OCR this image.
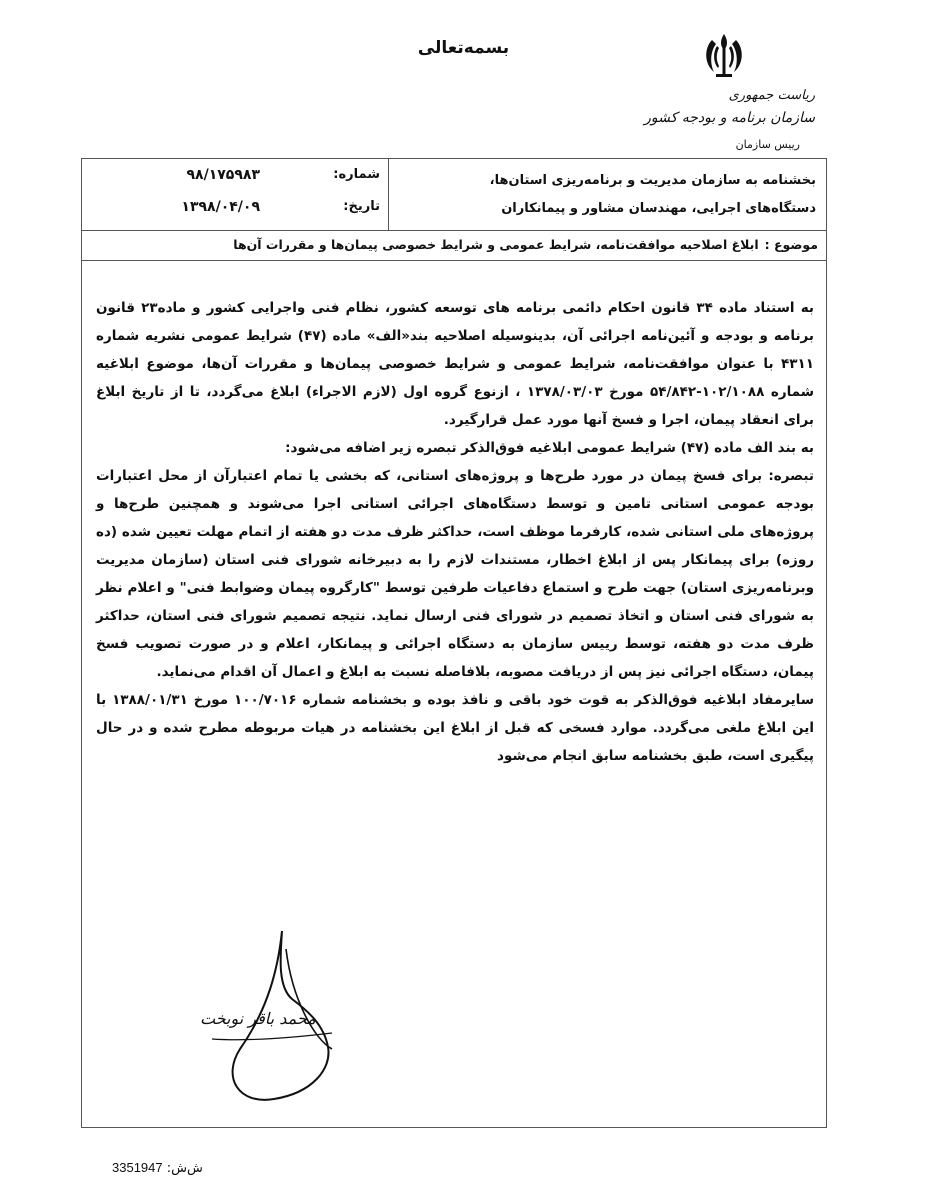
بسمه‌تعالی
ریاست جمهوری
سازمان برنامه و بودجه کشور
رییس سازمان
بخشنامه به سازمان مدیریت و برنامه‌ریزی استان‌ها،
دستگاه‌های اجرایی، مهندسان مشاور و پیمانکاران
شماره:
۹۸/۱۷۵۹۸۳
تاریخ:
۱۳۹۸/۰۴/۰۹
موضوع :ابلاغ اصلاحیه موافقت‌نامه، شرایط عمومی و شرایط خصوصی پیمان‌ها و مقررات آن‌ها

به استناد ماده ۳۴ قانون احکام دائمی برنامه های توسعه کشور، نظام فنی واجرایی کشور و ماده۲۳ قانون برنامه و بودجه و آئین‌نامه اجرائی آن، بدینوسیله اصلاحیه بند«الف» ماده (۴۷) شرایط عمومی نشریه شماره ۴۳۱۱ با عنوان موافقت‌نامه، شرایط عمومی و شرایط خصوصی پیمان‌ها و مقررات آن‌ها، موضوع ابلاغیه شماره ۱۰۲/۱۰۸۸-۵۴/۸۴۲ مورخ ۱۳۷۸/۰۳/۰۳ ، ازنوع گروه اول (لازم الاجراء) ابلاغ می‌گردد، تا از تاریخ ابلاغ برای انعقاد پیمان، اجرا و فسخ آنها مورد عمل قرارگیرد.

به بند الف ماده (۴۷) شرایط عمومی ابلاغیه فوق‌الذکر تبصره زیر اضافه می‌شود:

تبصره: برای فسخ پیمان در مورد طرح‌ها و پروژه‌های استانی، که بخشی یا تمام اعتبارآن از محل اعتبارات بودجه عمومی استانی تامین و توسط دستگاه‌های اجرائی استانی اجرا می‌شوند و همچنین طرح‌ها و پروژه‌های ملی استانی شده، کارفرما موظف است، حداکثر ظرف مدت دو هفته از اتمام مهلت تعیین شده (ده روزه) برای پیمانکار پس از ابلاغ اخطار، مستندات لازم را به دبیرخانه شورای فنی استان (سازمان مدیریت وبرنامه‌ریزی استان) جهت طرح و استماع دفاعیات طرفین توسط "کارگروه پیمان وضوابط فنی" و اعلام نظر به شورای فنی استان و اتخاذ تصمیم در شورای فنی ارسال نماید. نتیجه تصمیم شورای فنی استان، حداکثر ظرف مدت دو هفته، توسط رییس سازمان به دستگاه اجرائی و پیمانکار، اعلام و در صورت تصویب فسخ پیمان، دستگاه اجرائی نیز پس از دریافت مصوبه، بلافاصله نسبت به ابلاغ و اعمال آن اقدام می‌نماید.

سایرمفاد ابلاغیه فوق‌الذکر به قوت خود باقی و نافذ بوده و بخشنامه شماره ۱۰۰/۷۰۱۶ مورخ ۱۳۸۸/۰۱/۳۱ با این ابلاغ ملغی می‌گردد. موارد فسخی که قبل از ابلاغ این بخشنامه در هیات مربوطه مطرح شده و در حال پیگیری است، طبق بخشنامه سابق انجام می‌شود

محمد باقر نوبخت
ش‌ش: 3351947
